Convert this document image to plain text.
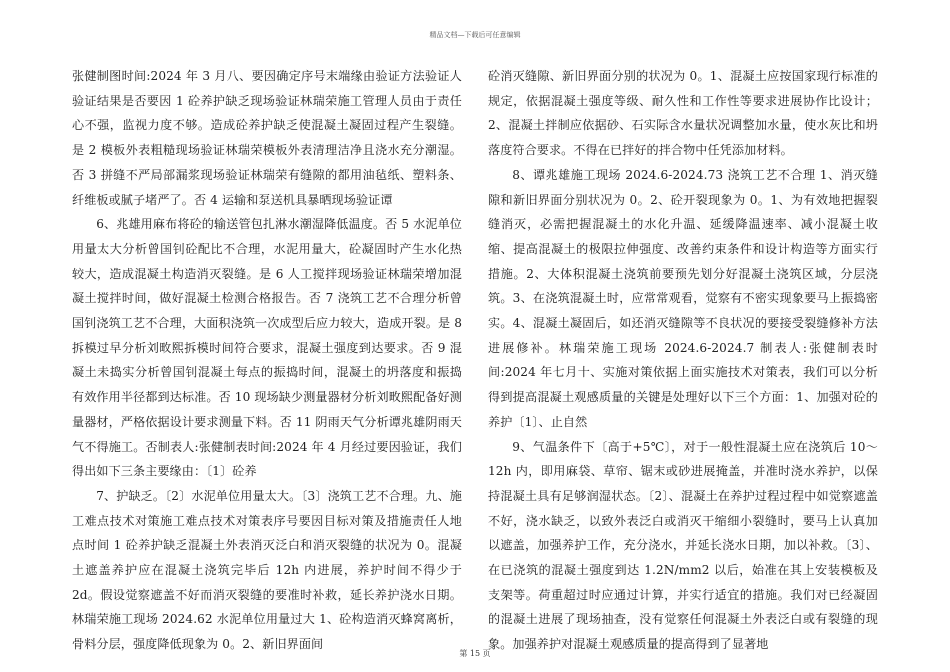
精品文档—下载后可任意编辑

张健制图时间:2024 年 3 月八、要因确定序号末端缘由验证方法验证人验证结果是否要因 1 砼养护缺乏现场验证林瑞荣施工管理人员由于责任心不强，监视力度不够。造成砼养护缺乏使混凝土凝固过程产生裂缝。是 2 模板外表粗糙现场验证林瑞荣模板外表清理洁净且浇水充分潮湿。否 3 拼缝不严局部漏浆现场验证林瑞荣有缝隙的都用油毡纸、塑料条、纤维板或腻子堵严了。否 4 运输和泵送机具暴晒现场验证谭

6、兆雄用麻布将砼的输送管包扎淋水潮湿降低温度。否 5 水泥单位用量太大分析曾国钊砼配比不合理，水泥用量大，砼凝固时产生水化热较大，造成混凝土构造消灭裂缝。是 6 人工搅拌现场验证林瑞荣增加混凝土搅拌时间，做好混凝土检测合格报告。否 7 浇筑工艺不合理分析曾国钊浇筑工艺不合理，大面积浇筑一次成型后应力较大，造成开裂。是 8 拆模过早分析刘畋熙拆模时间符合要求，混凝土强度到达要求。否 9 混凝土未捣实分析曾国钊混凝土每点的振捣时间，混凝土的坍落度和振捣有效作用半径都到达标准。否 10 现场缺少测量器材分析刘畋熙配备好测量器材，严格依据设计要求测量下料。否 11 阴雨天气分析谭兆雄阴雨天气不得施工。否制表人:张健制表时间:2024 年 4 月经过要因验证，我们得出如下三条主要缘由：〔1〕砼养

7、护缺乏。〔2〕水泥单位用量太大。〔3〕浇筑工艺不合理。九、施工难点技术对策施工难点技术对策表序号要因目标对策及措施责任人地点时间 1 砼养护缺乏混凝土外表消灭泛白和消灭裂缝的状况为 0。混凝土遮盖养护应在混凝土浇筑完毕后 12h 内进展，养护时间不得少于 2d。假设觉察遮盖不好而消灭裂缝的要准时补救，延长养护浇水日期。林瑞荣施工现场 2024.62 水泥单位用量过大 1、砼构造消灭蜂窝离析，骨料分层，强度降低现象为 0。2、新旧界面间

砼消灭缝隙、新旧界面分别的状况为 0。1、混凝土应按国家现行标准的规定，依据混凝土强度等级、耐久性和工作性等要求进展协作比设计；2、混凝土拌制应依据砂、石实际含水量状况调整加水量，使水灰比和坍落度符合要求。不得在已拌好的拌合物中任凭添加材料。

8、谭兆雄施工现场 2024.6-2024.73 浇筑工艺不合理 1、消灭缝隙和新旧界面分别状况为 0。2、砼开裂现象为 0。1、为有效地把握裂缝消灭，必需把握混凝土的水化升温、延缓降温速率、减小混凝土收缩、提高混凝土的极限拉伸强度、改善约束条件和设计构造等方面实行措施。2、大体积混凝土浇筑前要预先划分好混凝土浇筑区域，分层浇筑。3、在浇筑混凝土时，应常常观看，觉察有不密实现象要马上振捣密实。4、混凝土凝固后，如还消灭缝隙等不良状况的要接受裂缝修补方法进展修补。林瑞荣施工现场 2024.6-2024.7 制表人:张健制表时间:2024 年七月十、实施对策依据上面实施技术对策表，我们可以分析得到提高混凝土观感质量的关键是处理好以下三个方面：1、加强对砼的养护〔1〕、止自然

9、气温条件下〔高于+5℃〕，对于一般性混凝土应在浇筑后 10～12h 内，即用麻袋、草帘、锯末或砂进展掩盖，并准时浇水养护，以保持混凝土具有足够润湿状态。〔2〕、混凝土在养护过程过程中如觉察遮盖不好，浇水缺乏，以致外表泛白或消灭干缩细小裂缝时，要马上认真加以遮盖，加强养护工作，充分浇水，并延长浇水日期，加以补救。〔3〕、在已浇筑的混凝土强度到达 1.2N/mm2 以后，始准在其上安装模板及支架等。荷重超过时应通过计算，并实行适宜的措施。我们对已经凝固的混凝土进展了现场抽查，没有觉察任何混凝土外表泛白或有裂缝的现象。加强养护对混凝土观感质量的提高得到了显著地

第 15 页
